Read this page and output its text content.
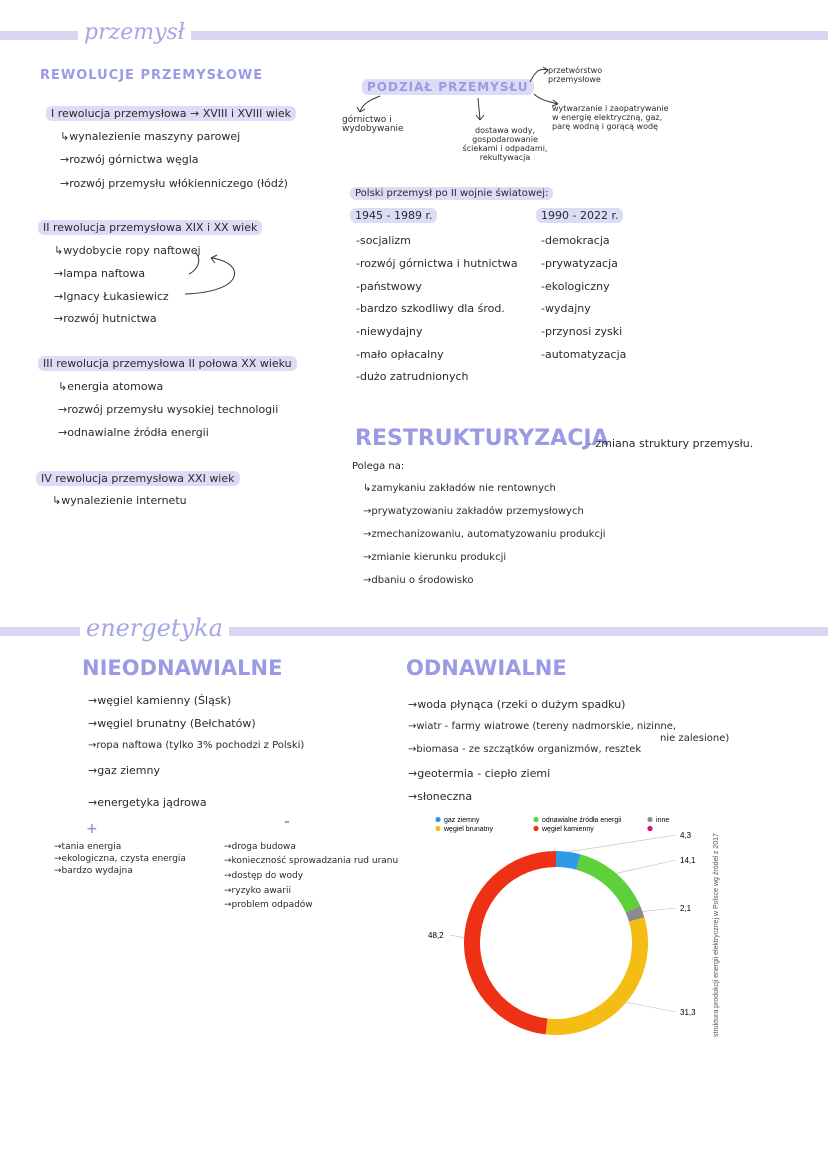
przemysł
REWOLUCJE PRZEMYSŁOWE
I rewolucja przemysłowa → XVIII i XVIII wiek
↳wynalezienie maszyny parowej
→rozwój górnictwa węgla
→rozwój przemysłu włókienniczego (łódź)
II rewolucja przemysłowa XIX i XX wiek
↳wydobycie ropy naftowej
→lampa naftowa
→Ignacy Łukasiewicz
→rozwój hutnictwa
III rewolucja przemysłowa II połowa XX wieku
↳energia atomowa
→rozwój przemysłu wysokiej technologii
→odnawialne źródła energii
IV rewolucja przemysłowa XXI wiek
↳wynalezienie internetu
PODZIAŁ PRZEMYSŁU
przetwórstwo przemysłowe
górnictwo i wydobywanie	dostawa wody, gospodarowanie ściekami i odpadami, rekultywacja
wytwarzanie i zaopatrywanie w energię elektryczną, gaz, parę wodną i gorącą wodę
Polski przemysł po II wojnie światowej:
1945 - 1989 r.	1990 - 2022 r.
-socjalizm
-rozwój górnictwa i hutnictwa
-państwowy
-bardzo szkodliwy dla środ.
-niewydajny
-mało opłacalny
-dużo zatrudnionych
-demokracja
-prywatyzacja
-ekologiczny
-wydajny
-przynosi zyski
-automatyzacja
RESTRUKTURYZACJA
- zmiana struktury przemysłu.
Polega na:
↳zamykaniu zakładów nie rentownych
→prywatyzowaniu zakładów przemysłowych
→zmechanizowaniu, automatyzowaniu produkcji
→zmianie kierunku produkcji
→dbaniu o środowisko
energetyka
NIEODNAWIALNE
→węgiel kamienny (Śląsk)
→węgiel brunatny (Bełchatów)
→ropa naftowa (tylko 3% pochodzi z Polski)
→gaz ziemny
→energetyka jądrowa
+	-
→tania energia
→ekologiczna, czysta energia
→bardzo wydajna
→droga budowa
→konieczność sprowadzania rud uranu
→dostęp do wody
→ryzyko awarii
→problem odpadów
ODNAWIALNE
→woda płynąca (rzeki o dużym spadku)
→wiatr - farmy wiatrowe (tereny nadmorskie, nizinne,
nie zalesione)
→biomasa - ze szczątków organizmów, resztek
→geotermia - ciepło ziemi
→słoneczna
4,3
14,1
2,1
31,3
48,2
gaz ziemny	odnawialne źródła energii	inne
węgiel brunatny	węgiel kamienny
struktura produkcji energii elektrycznej w Polsce wg źródeł z 2017
